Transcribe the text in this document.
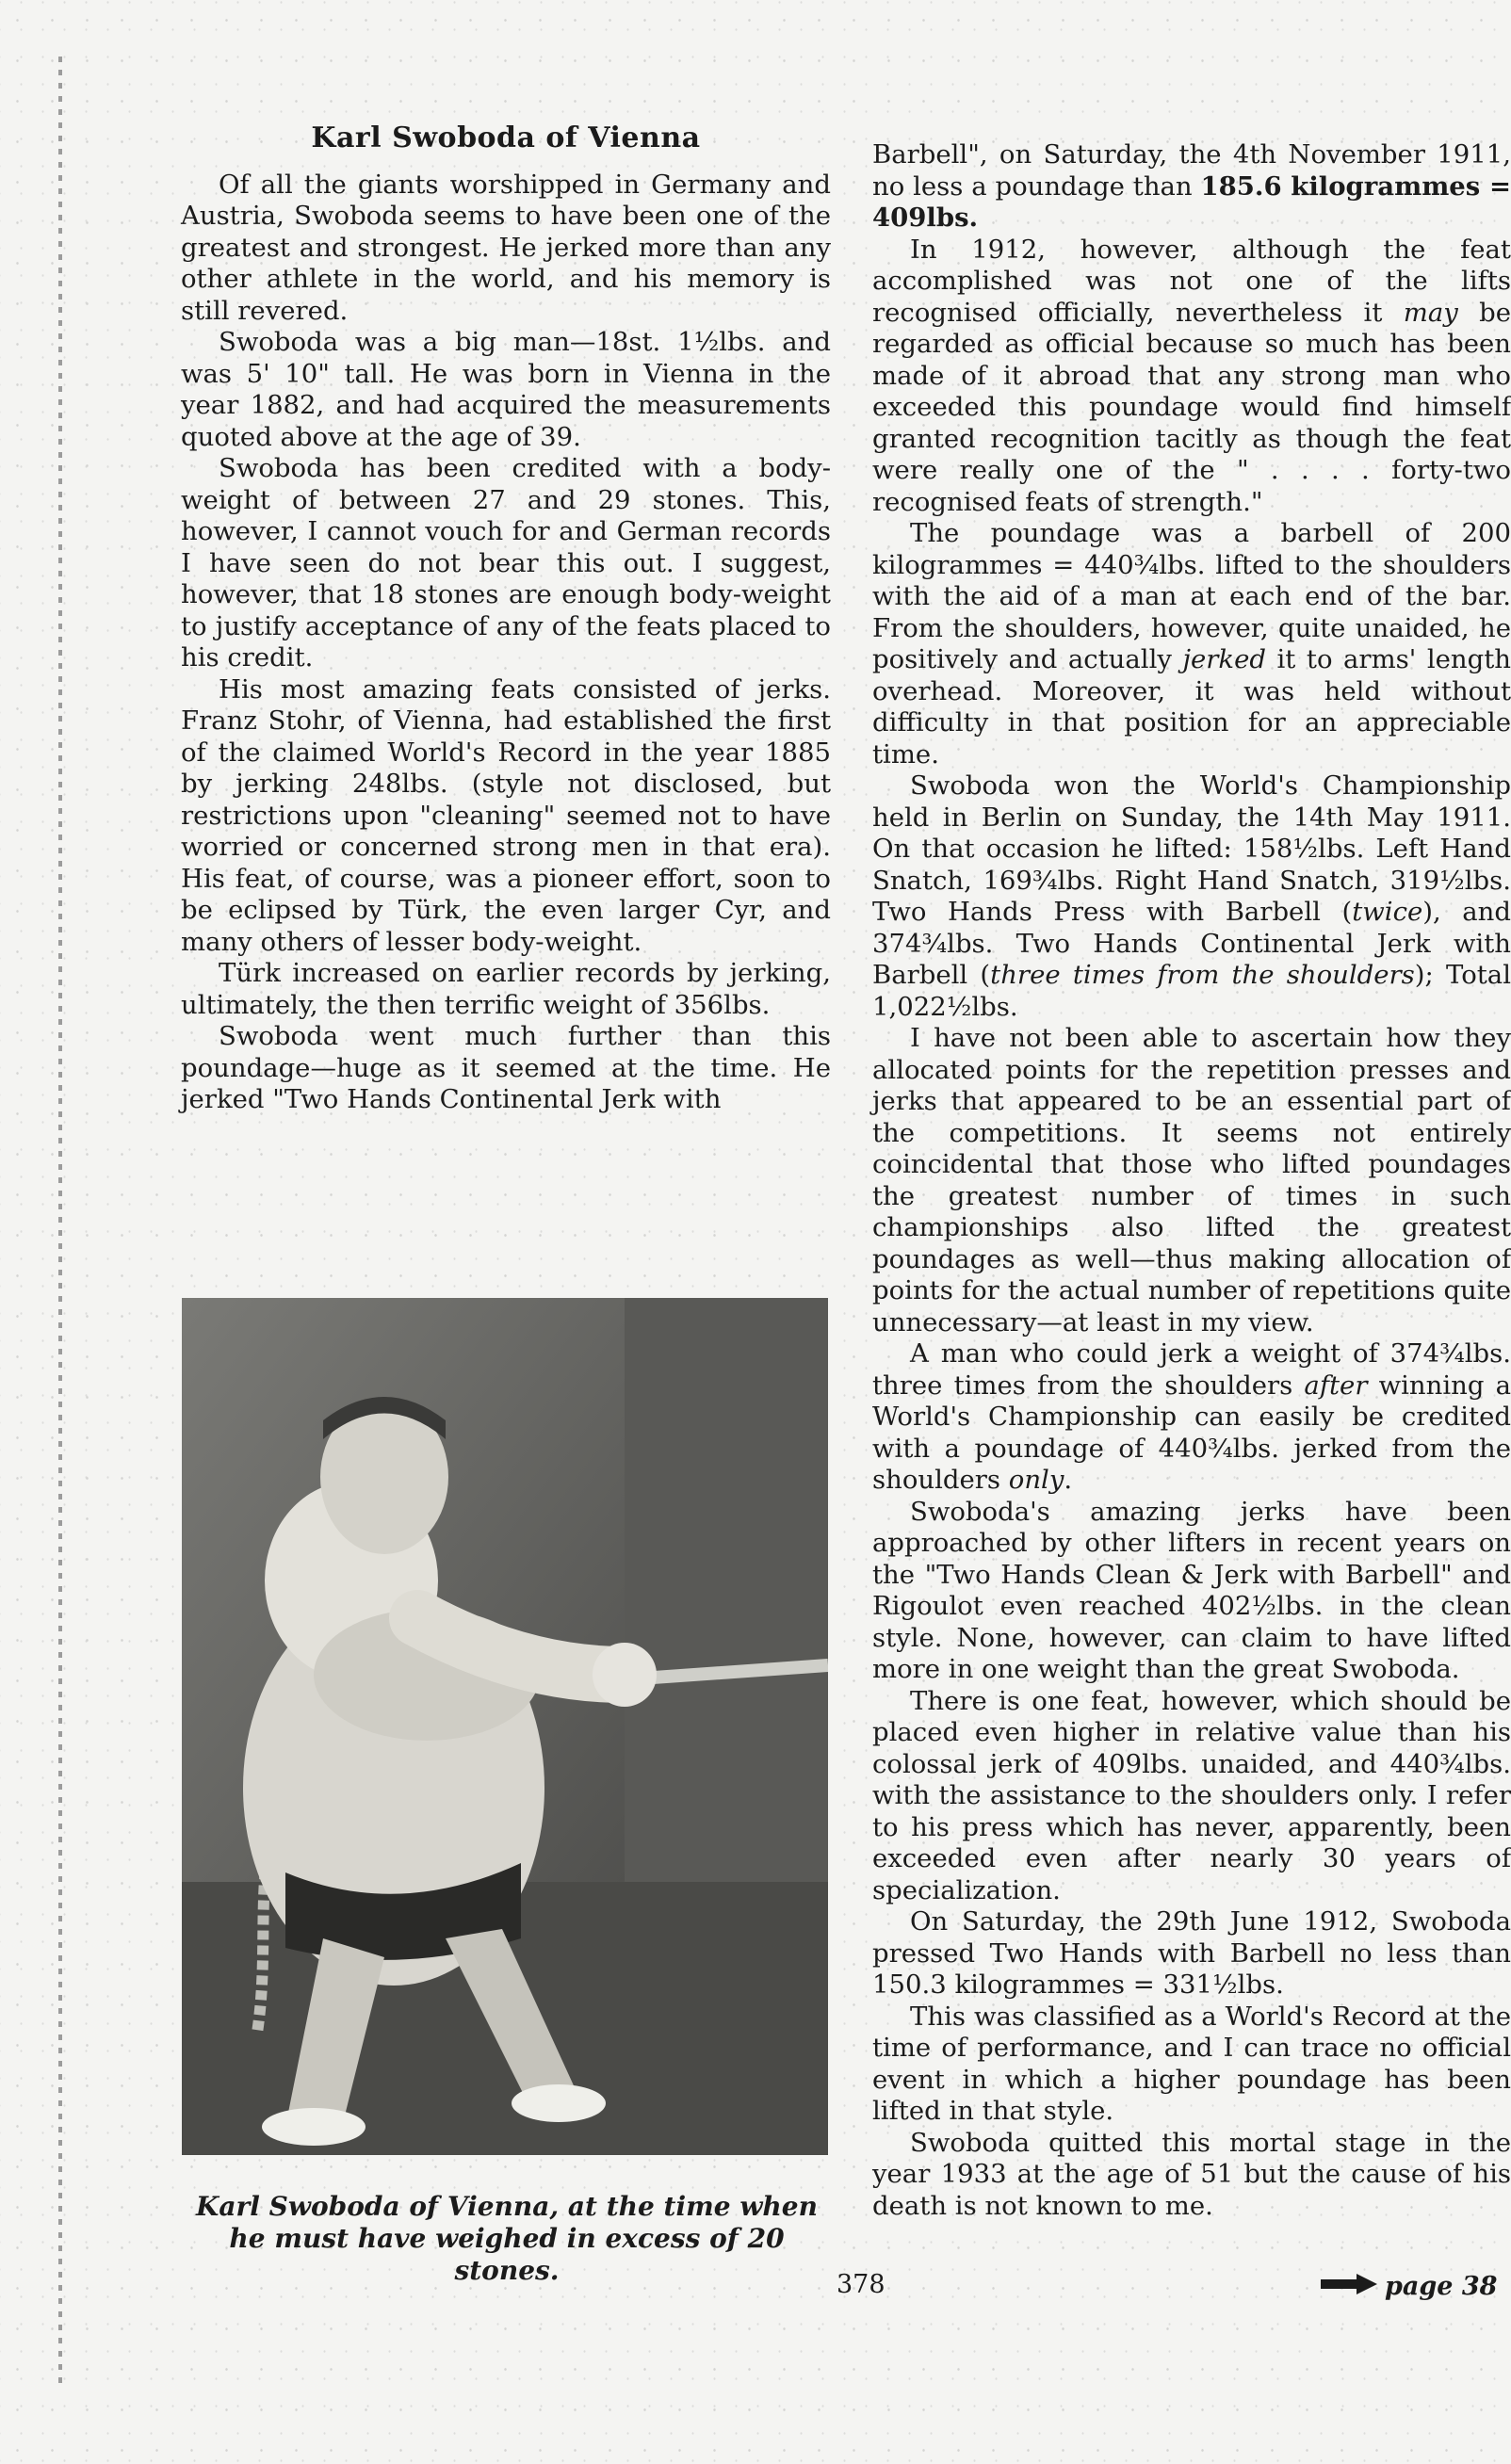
Karl Swoboda of Vienna

Of all the giants worshipped in Germany and Austria, Swoboda seems to have been one of the greatest and strongest. He jerked more than any other athlete in the world, and his memory is still revered.

Swoboda was a big man—18st. 1½lbs. and was 5' 10" tall. He was born in Vienna in the year 1882, and had acquired the measurements quoted above at the age of 39.

Swoboda has been credited with a body-weight of between 27 and 29 stones. This, however, I cannot vouch for and German records I have seen do not bear this out. I suggest, however, that 18 stones are enough body-weight to justify acceptance of any of the feats placed to his credit.

His most amazing feats consisted of jerks. Franz Stohr, of Vienna, had established the first of the claimed World's Record in the year 1885 by jerking 248lbs. (style not disclosed, but restrictions upon "cleaning" seemed not to have worried or concerned strong men in that era). His feat, of course, was a pioneer effort, soon to be eclipsed by Türk, the even larger Cyr, and many others of lesser body-weight.

Türk increased on earlier records by jerking, ultimately, the then terrific weight of 356lbs.

Swoboda went much further than this poundage—huge as it seemed at the time. He jerked "Two Hands Continental Jerk with

Karl Swoboda of Vienna, at the time when he must have weighed in excess of 20 stones.

Barbell", on Saturday, the 4th November 1911, no less a poundage than 185.6 kilogrammes = 409lbs.

In 1912, however, although the feat accomplished was not one of the lifts recognised officially, nevertheless it may be regarded as official because so much has been made of it abroad that any strong man who exceeded this poundage would find himself granted recognition tacitly as though the feat were really one of the " . . . . forty-two recognised feats of strength."

The poundage was a barbell of 200 kilogrammes = 440¾lbs. lifted to the shoulders with the aid of a man at each end of the bar. From the shoulders, however, quite unaided, he positively and actually jerked it to arms' length overhead. Moreover, it was held without difficulty in that position for an appreciable time.

Swoboda won the World's Championship held in Berlin on Sunday, the 14th May 1911. On that occasion he lifted: 158½lbs. Left Hand Snatch, 169¾lbs. Right Hand Snatch, 319½lbs. Two Hands Press with Barbell (twice), and 374¾lbs. Two Hands Continental Jerk with Barbell (three times from the shoulders); Total 1,022½lbs.

I have not been able to ascertain how they allocated points for the repetition presses and jerks that appeared to be an essential part of the competitions. It seems not entirely coincidental that those who lifted poundages the greatest number of times in such championships also lifted the greatest poundages as well—thus making allocation of points for the actual number of repetitions quite unnecessary—at least in my view.

A man who could jerk a weight of 374¾lbs. three times from the shoulders after winning a World's Championship can easily be credited with a poundage of 440¾lbs. jerked from the shoulders only.

Swoboda's amazing jerks have been approached by other lifters in recent years on the "Two Hands Clean & Jerk with Barbell" and Rigoulot even reached 402½lbs. in the clean style. None, however, can claim to have lifted more in one weight than the great Swoboda.

There is one feat, however, which should be placed even higher in relative value than his colossal jerk of 409lbs. unaided, and 440¾lbs. with the assistance to the shoulders only. I refer to his press which has never, apparently, been exceeded even after nearly 30 years of specialization.

On Saturday, the 29th June 1912, Swoboda pressed Two Hands with Barbell no less than 150.3 kilogrammes = 331½lbs.

This was classified as a World's Record at the time of performance, and I can trace no official event in which a higher poundage has been lifted in that style.

Swoboda quitted this mortal stage in the year 1933 at the age of 51 but the cause of his death is not known to me.

378	page 38
